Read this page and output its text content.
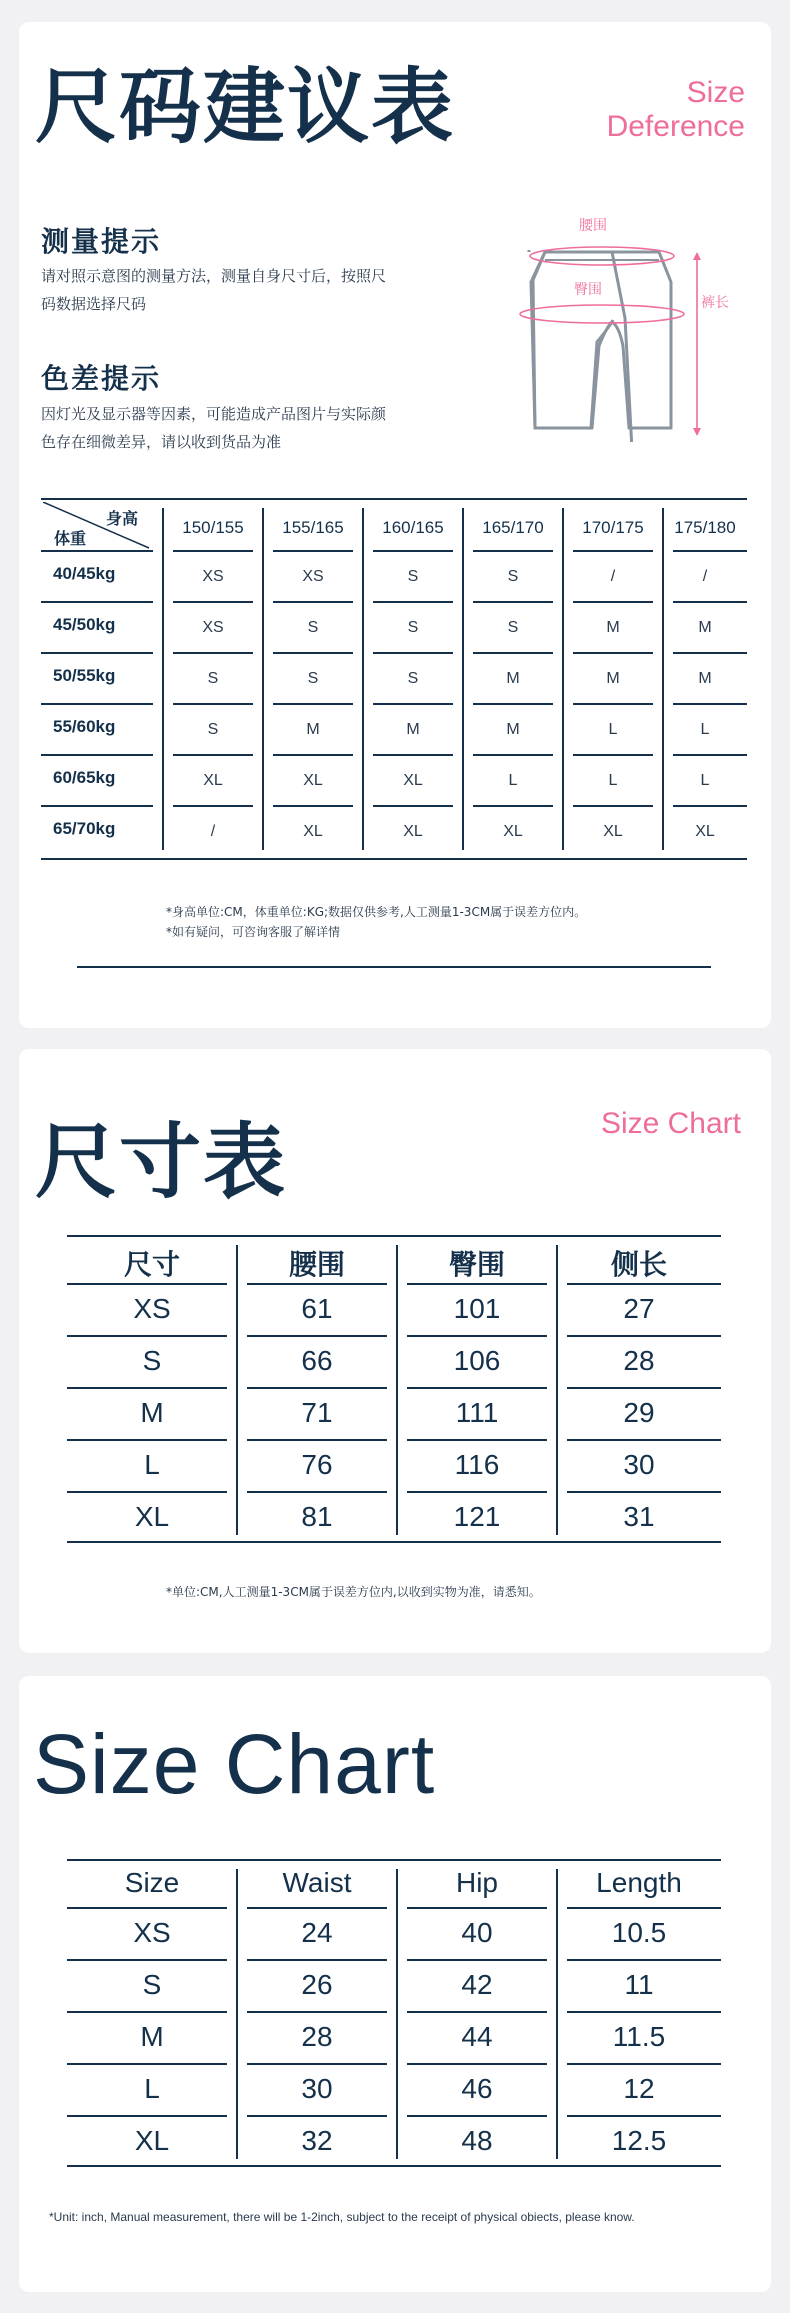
尺码建议表	Size
Deference
测量提示
请对照示意图的测量方法，测量自身尺寸后，按照尺码数据选择尺码
色差提示
因灯光及显示器等因素，可能造成产品图片与实际颜色存在细微差异，请以收到货品为准
腰围
臀围
裤长
身高
体重
150/155	155/165	160/165	165/170	170/175	175/180
40/45kg	XS	XS	S	S	/	/
45/50kg	XS	S	S	S	M	M
50/55kg	S	S	S	M	M	M
55/60kg	S	M	M	M	L	L
60/65kg	XL	XL	XL	L	L	L
65/70kg	/	XL	XL	XL	XL	XL
*身高单位:CM，体重单位:KG;数据仅供参考,人工测量1-3CM属于误差方位内。
*如有疑问，可咨询客服了解详情
尺寸表	Size Chart
尺寸	腰围	臀围	侧长
XS	61	101	27
S	66	106	28
M	71	111	29
L	76	116	30
XL	81	121	31
*单位:CM,人工测量1-3CM属于误差方位内,以收到实物为准，请悉知。
Size Chart
Size	Waist	Hip	Length
XS	24	40	10.5
S	26	42	11
M	28	44	11.5
L	30	46	12
XL	32	48	12.5
*Unit: inch, Manual measurement, there will be 1-2inch, subject to the receipt of physical obiects, please know.
